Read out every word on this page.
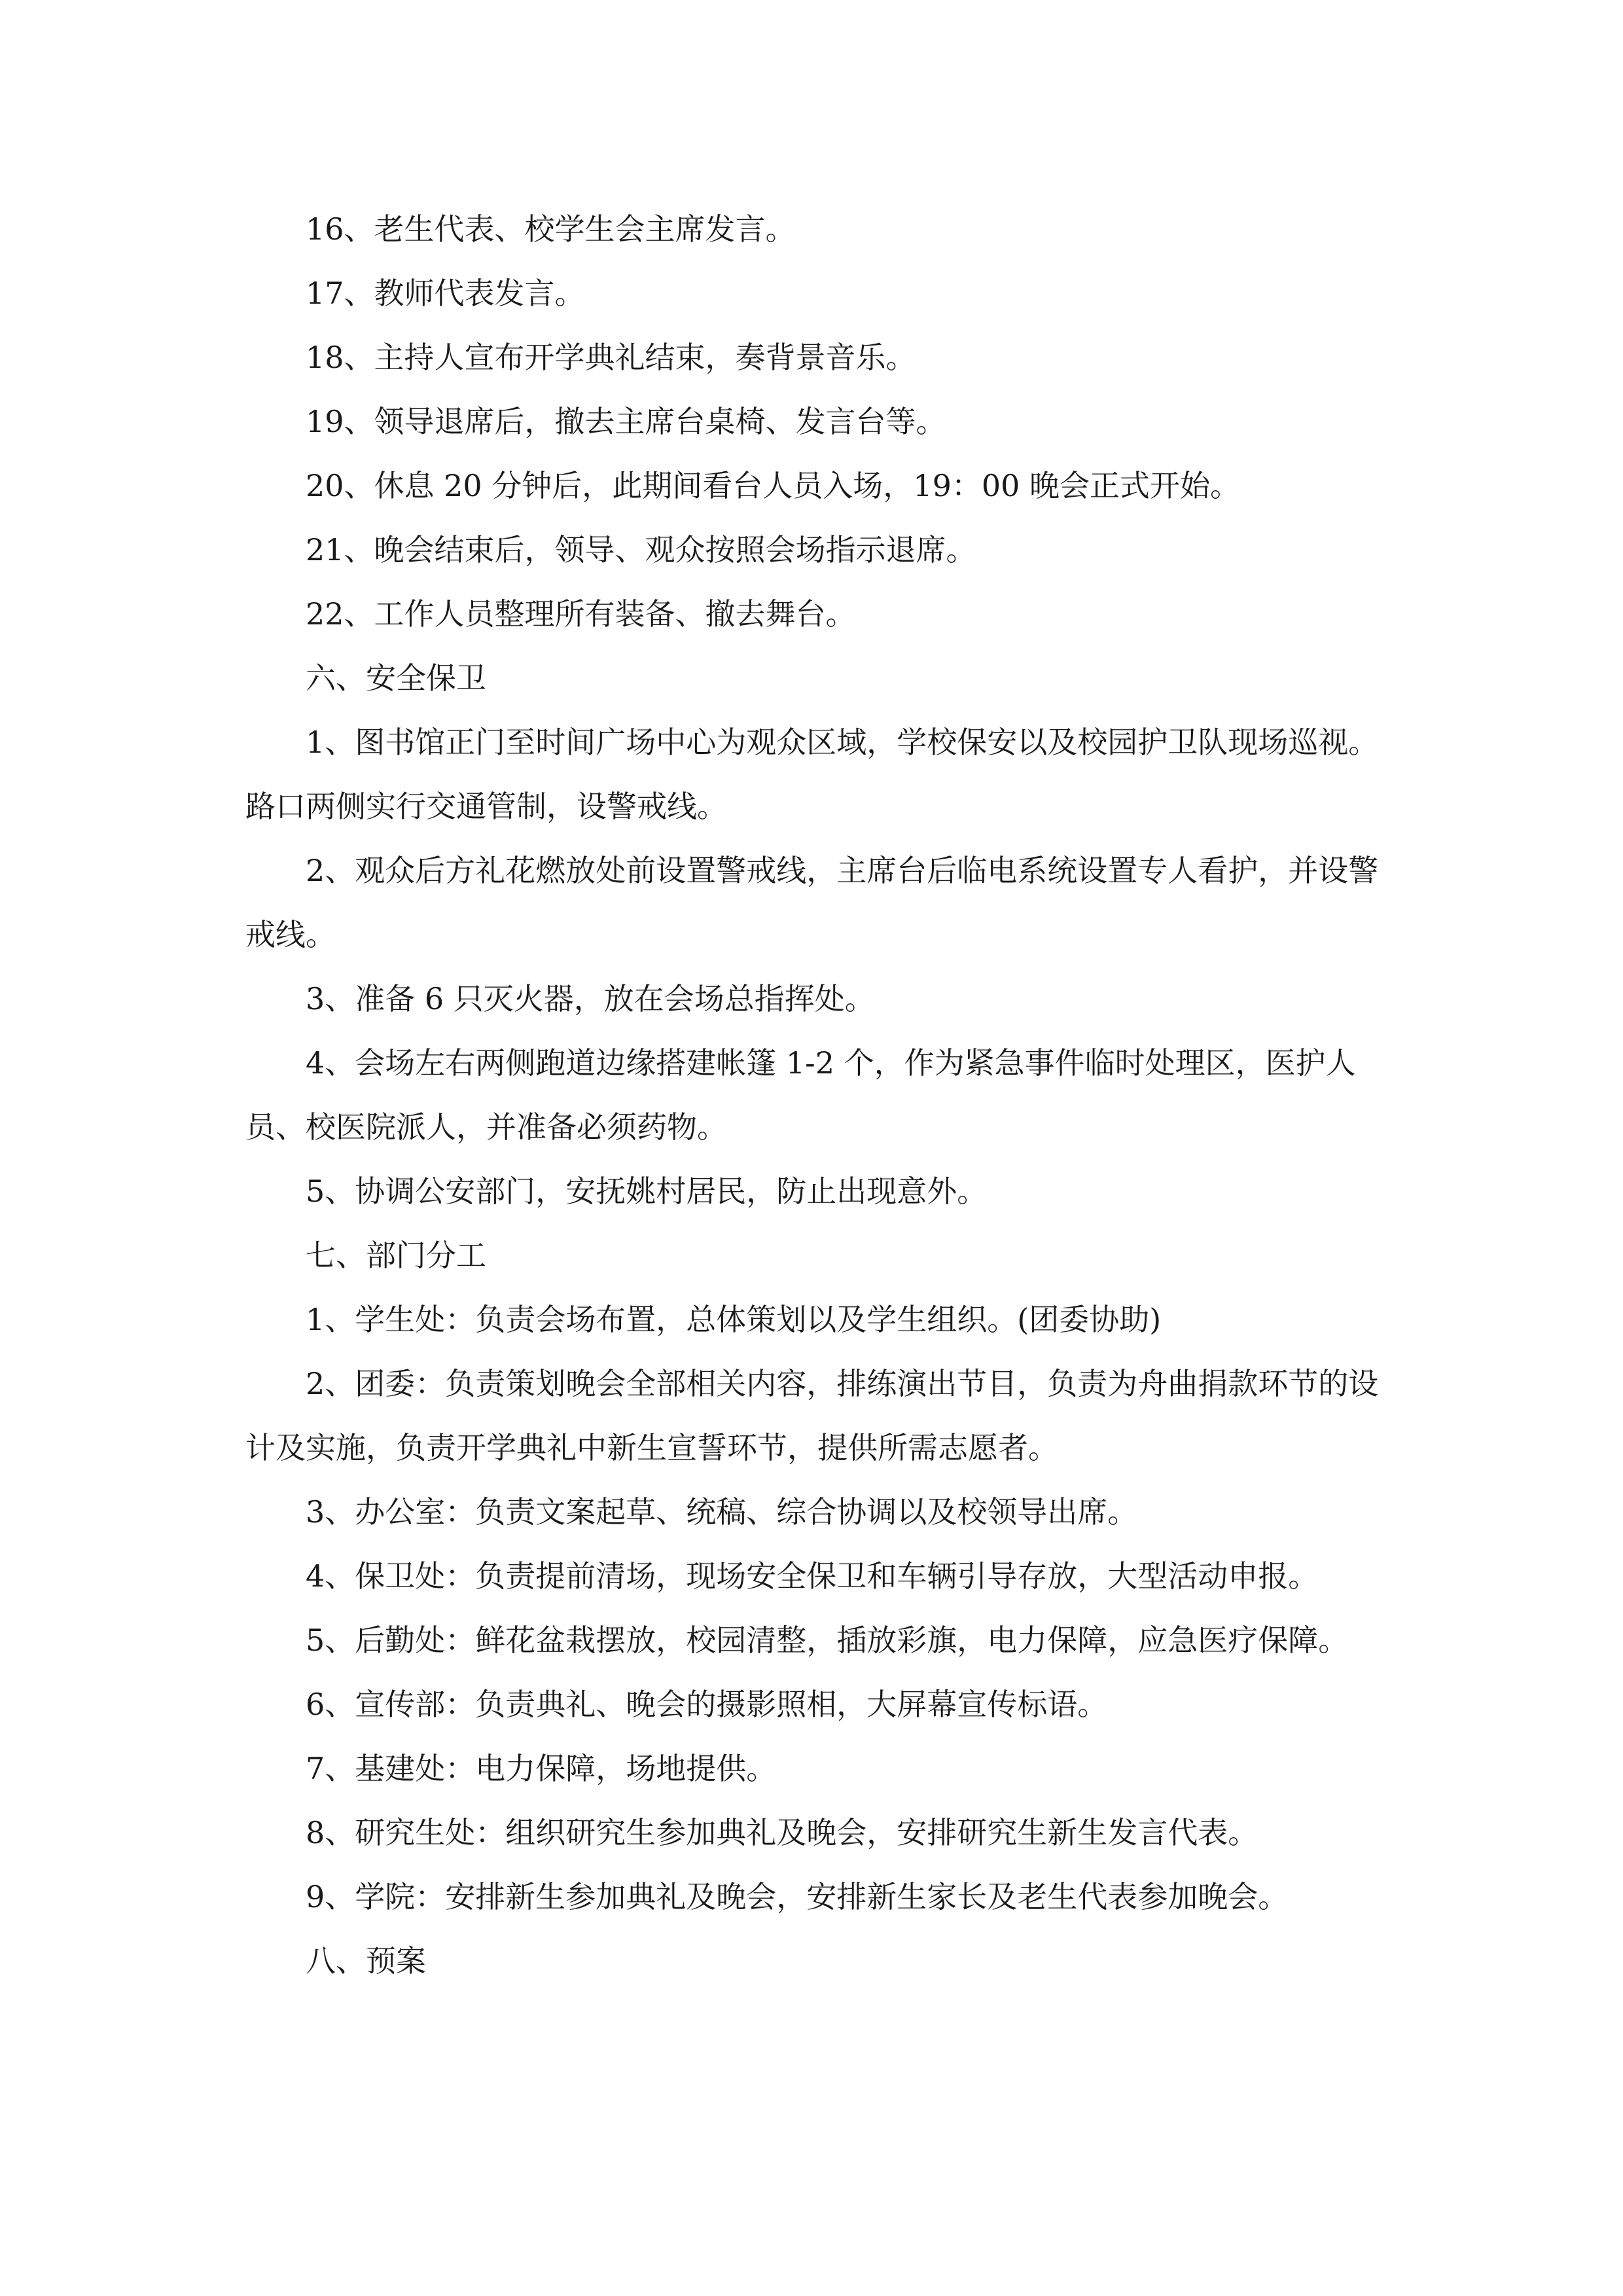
16、老生代表、校学生会主席发言。

17、教师代表发言。

18、主持人宣布开学典礼结束，奏背景音乐。

19、领导退席后，撤去主席台桌椅、发言台等。

20、休息 20 分钟后，此期间看台人员入场，19：00 晚会正式开始。

21、晚会结束后，领导、观众按照会场指示退席。

22、工作人员整理所有装备、撤去舞台。

六、安全保卫

1、图书馆正门至时间广场中心为观众区域，学校保安以及校园护卫队现场巡视。路口两侧实行交通管制，设警戒线。

2、观众后方礼花燃放处前设置警戒线，主席台后临电系统设置专人看护，并设警戒线。

3、准备 6 只灭火器，放在会场总指挥处。

4、会场左右两侧跑道边缘搭建帐篷 1-2 个，作为紧急事件临时处理区，医护人员、校医院派人，并准备必须药物。

5、协调公安部门，安抚姚村居民，防止出现意外。

七、部门分工

1、学生处：负责会场布置，总体策划以及学生组织。(团委协助)

2、团委：负责策划晚会全部相关内容，排练演出节目，负责为舟曲捐款环节的设计及实施，负责开学典礼中新生宣誓环节，提供所需志愿者。

3、办公室：负责文案起草、统稿、综合协调以及校领导出席。

4、保卫处：负责提前清场，现场安全保卫和车辆引导存放，大型活动申报。

5、后勤处：鲜花盆栽摆放，校园清整，插放彩旗，电力保障，应急医疗保障。

6、宣传部：负责典礼、晚会的摄影照相，大屏幕宣传标语。

7、基建处：电力保障，场地提供。

8、研究生处：组织研究生参加典礼及晚会，安排研究生新生发言代表。

9、学院：安排新生参加典礼及晚会，安排新生家长及老生代表参加晚会。

八、预案
